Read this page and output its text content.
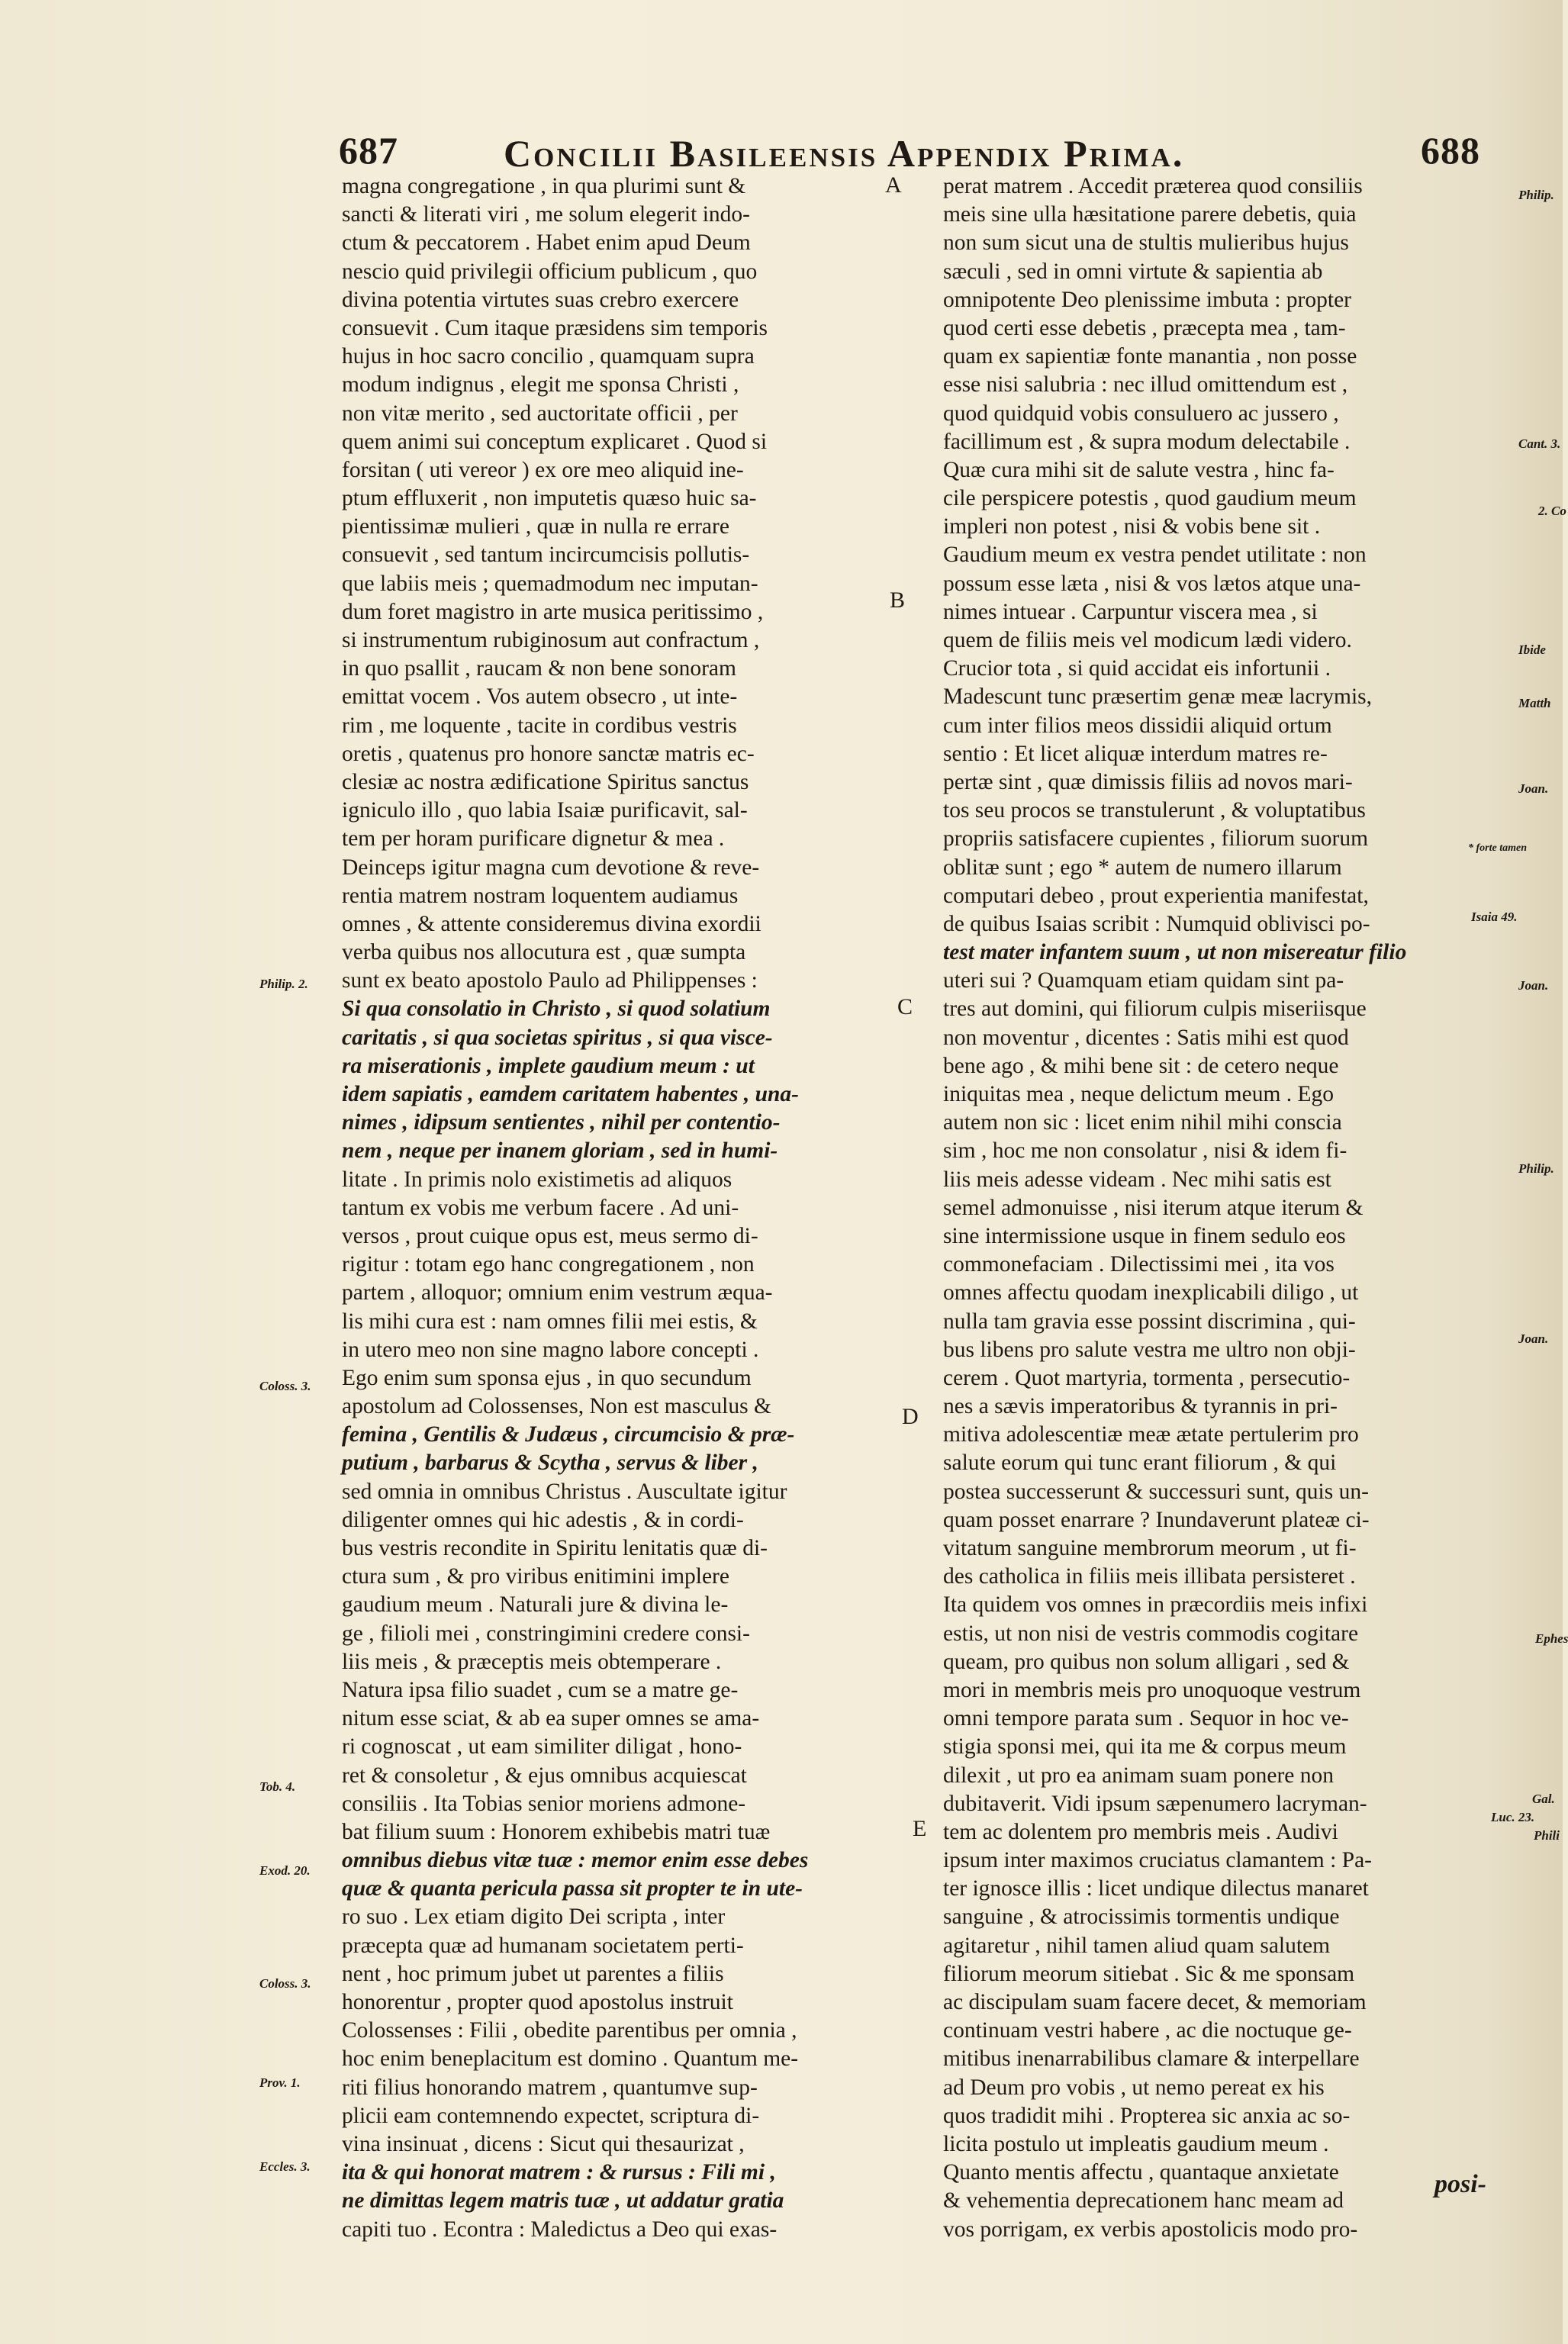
687	Concilii Basileensis Appendix Prima.	688
magna congregatione , in qua plurimi sunt &
sancti & literati viri , me solum elegerit indo-
ctum & peccatorem . Habet enim apud Deum
nescio quid privilegii officium publicum , quo
divina potentia virtutes suas crebro exercere
consuevit . Cum itaque præsidens sim temporis
hujus in hoc sacro concilio , quamquam supra
modum indignus , elegit me sponsa Christi ,
non vitæ merito , sed auctoritate officii , per
quem animi sui conceptum explicaret . Quod si
forsitan ( uti vereor ) ex ore meo aliquid ine-
ptum effluxerit , non imputetis quæso huic sa-
pientissimæ mulieri , quæ in nulla re errare
consuevit , sed tantum incircumcisis pollutis-
que labiis meis ; quemadmodum nec imputan-
dum foret magistro in arte musica peritissimo ,
si instrumentum rubiginosum aut confractum ,
in quo psallit , raucam & non bene sonoram
emittat vocem . Vos autem obsecro , ut inte-
rim , me loquente , tacite in cordibus vestris
oretis , quatenus pro honore sanctæ matris ec-
clesiæ ac nostra ædificatione Spiritus sanctus
igniculo illo , quo labia Isaiæ purificavit, sal-
tem per horam purificare dignetur & mea .
Deinceps igitur magna cum devotione & reve-
rentia matrem nostram loquentem audiamus
omnes , & attente consideremus divina exordii
verba quibus nos allocutura est , quæ sumpta
sunt ex beato apostolo Paulo ad Philippenses :
Si qua consolatio in Christo , si quod solatium
caritatis , si qua societas spiritus , si qua visce-
ra miserationis , implete gaudium meum : ut
idem sapiatis , eamdem caritatem habentes , una-
nimes , idipsum sentientes , nihil per contentio-
nem , neque per inanem gloriam , sed in humi-
litate . In primis nolo existimetis ad aliquos
tantum ex vobis me verbum facere . Ad uni-
versos , prout cuique opus est, meus sermo di-
rigitur : totam ego hanc congregationem , non
partem , alloquor; omnium enim vestrum æqua-
lis mihi cura est : nam omnes filii mei estis, &
in utero meo non sine magno labore concepti .
Ego enim sum sponsa ejus , in quo secundum
apostolum ad Colossenses, Non est masculus &
femina , Gentilis & Judæus , circumcisio & præ-
putium , barbarus & Scytha , servus & liber ,
sed omnia in omnibus Christus . Auscultate igitur
diligenter omnes qui hic adestis , & in cordi-
bus vestris recondite in Spiritu lenitatis quæ di-
ctura sum , & pro viribus enitimini implere
gaudium meum . Naturali jure & divina le-
ge , filioli mei , constringimini credere consi-
liis meis , & præceptis meis obtemperare .
Natura ipsa filio suadet , cum se a matre ge-
nitum esse sciat, & ab ea super omnes se ama-
ri cognoscat , ut eam similiter diligat , hono-
ret & consoletur , & ejus omnibus acquiescat
consiliis . Ita Tobias senior moriens admone-
bat filium suum : Honorem exhibebis matri tuæ
omnibus diebus vitæ tuæ : memor enim esse debes
quæ & quanta pericula passa sit propter te in ute-
ro suo . Lex etiam digito Dei scripta , inter
præcepta quæ ad humanam societatem perti-
nent , hoc primum jubet ut parentes a filiis
honorentur , propter quod apostolus instruit
Colossenses : Filii , obedite parentibus per omnia ,
hoc enim beneplacitum est domino . Quantum me-
riti filius honorando matrem , quantumve sup-
plicii eam contemnendo expectet, scriptura di-
vina insinuat , dicens : Sicut qui thesaurizat ,
ita & qui honorat matrem : & rursus : Fili mi ,
ne dimittas legem matris tuæ , ut addatur gratia
capiti tuo . Econtra : Maledictus a Deo qui exas-
perat matrem . Accedit præterea quod consiliis
meis sine ulla hæsitatione parere debetis, quia
non sum sicut una de stultis mulieribus hujus
sæculi , sed in omni virtute & sapientia ab
omnipotente Deo plenissime imbuta : propter
quod certi esse debetis , præcepta mea , tam-
quam ex sapientiæ fonte manantia , non posse
esse nisi salubria : nec illud omittendum est ,
quod quidquid vobis consuluero ac jussero ,
facillimum est , & supra modum delectabile .
Quæ cura mihi sit de salute vestra , hinc fa-
cile perspicere potestis , quod gaudium meum
impleri non potest , nisi & vobis bene sit .
Gaudium meum ex vestra pendet utilitate : non
possum esse læta , nisi & vos lætos atque una-
nimes intuear . Carpuntur viscera mea , si
quem de filiis meis vel modicum lædi videro.
Crucior tota , si quid accidat eis infortunii .
Madescunt tunc præsertim genæ meæ lacrymis,
cum inter filios meos dissidii aliquid ortum
sentio : Et licet aliquæ interdum matres re-
pertæ sint , quæ dimissis filiis ad novos mari-
tos seu procos se transtulerunt , & voluptatibus
propriis satisfacere cupientes , filiorum suorum
oblitæ sunt ; ego * autem de numero illarum
computari debeo , prout experientia manifestat,
de quibus Isaias scribit : Numquid oblivisci po-
test mater infantem suum , ut non misereatur filio
uteri sui ? Quamquam etiam quidam sint pa-
tres aut domini, qui filiorum culpis miseriisque
non moventur , dicentes : Satis mihi est quod
bene ago , & mihi bene sit : de cetero neque
iniquitas mea , neque delictum meum . Ego
autem non sic : licet enim nihil mihi conscia
sim , hoc me non consolatur , nisi & idem fi-
liis meis adesse videam . Nec mihi satis est
semel admonuisse , nisi iterum atque iterum &
sine intermissione usque in finem sedulo eos
commonefaciam . Dilectissimi mei , ita vos
omnes affectu quodam inexplicabili diligo , ut
nulla tam gravia esse possint discrimina , qui-
bus libens pro salute vestra me ultro non obji-
cerem . Quot martyria, tormenta , persecutio-
nes a sævis imperatoribus & tyrannis in pri-
mitiva adolescentiæ meæ ætate pertulerim pro
salute eorum qui tunc erant filiorum , & qui
postea successerunt & successuri sunt, quis un-
quam posset enarrare ? Inundaverunt plateæ ci-
vitatum sanguine membrorum meorum , ut fi-
des catholica in filiis meis illibata persisteret .
Ita quidem vos omnes in præcordiis meis infixi
estis, ut non nisi de vestris commodis cogitare
queam, pro quibus non solum alligari , sed &
mori in membris meis pro unoquoque vestrum
omni tempore parata sum . Sequor in hoc ve-
stigia sponsi mei, qui ita me & corpus meum
dilexit , ut pro ea animam suam ponere non
dubitaverit. Vidi ipsum sæpenumero lacryman-
tem ac dolentem pro membris meis . Audivi
ipsum inter maximos cruciatus clamantem : Pa-
ter ignosce illis : licet undique dilectus manaret
sanguine , & atrocissimis tormentis undique
agitaretur , nihil tamen aliud quam salutem
filiorum meorum sitiebat . Sic & me sponsam
ac discipulam suam facere decet, & memoriam
continuam vestri habere , ac die noctuque ge-
mitibus inenarrabilibus clamare & interpellare
ad Deum pro vobis , ut nemo pereat ex his
quos tradidit mihi . Propterea sic anxia ac so-
licita postulo ut impleatis gaudium meum .
Quanto mentis affectu , quantaque anxietate
& vehementia deprecationem hanc meam ad
vos porrigam, ex verbis apostolicis modo pro-
A
B
C
D
E
Philip. 2.
Coloss. 3.
Tob. 4.
Exod. 20.
Coloss. 3.
Prov. 1.
Eccles. 3.
Philip.
Cant. 3.
2. Co
Ibide
Matth
Joan.
* forte tamen
Isaia 49.
Joan.
Philip.
Joan.
Ephes
Gal.
Luc. 23.
Phili
posi-
